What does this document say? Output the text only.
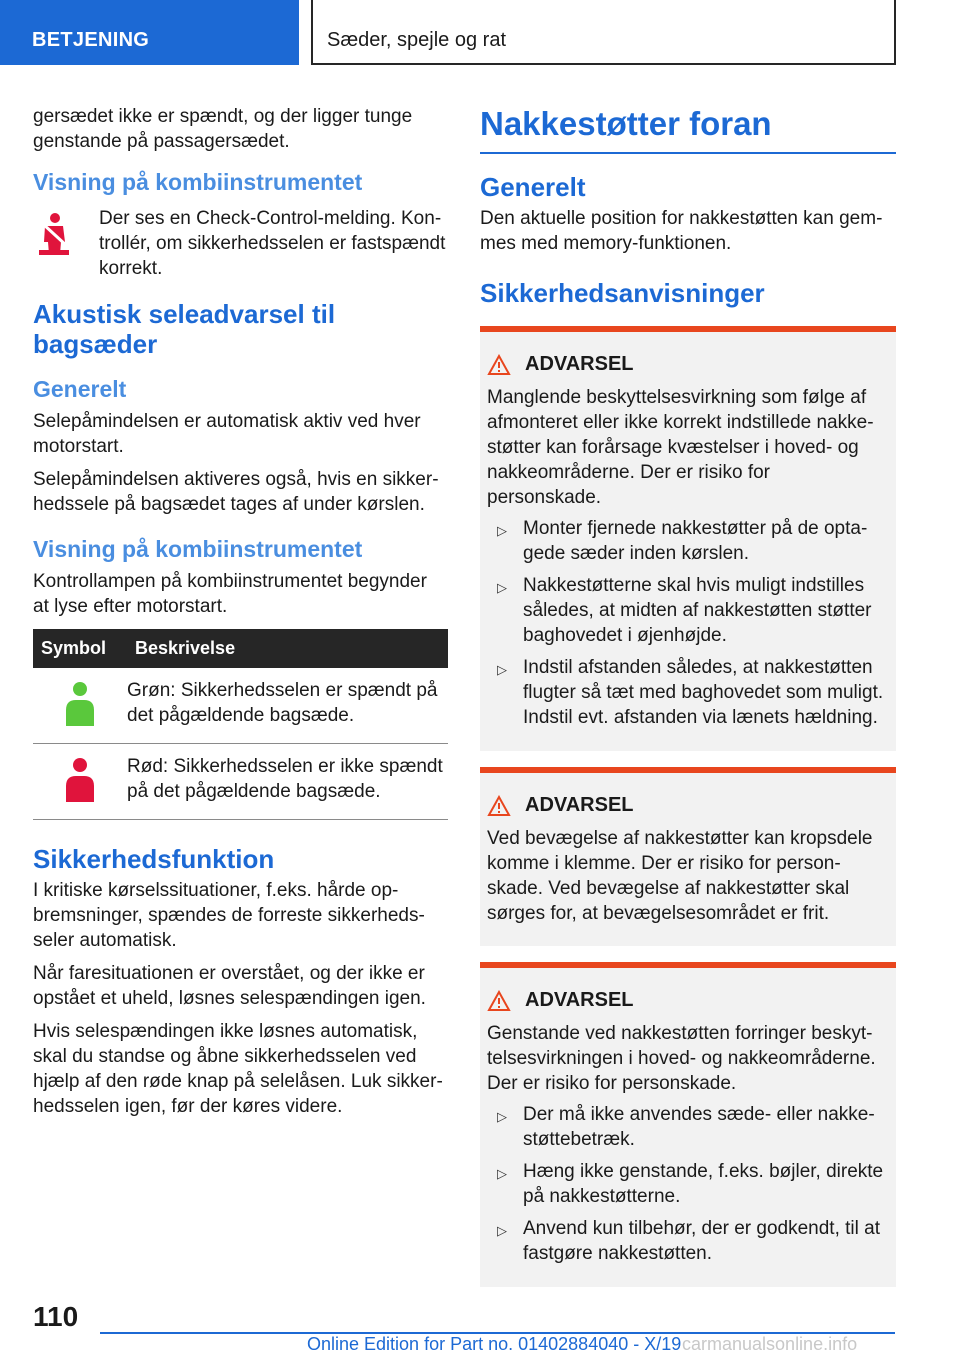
BETJENING	Sæder, spejle og rat

gersædet ikke er spændt, og der ligger tunge genstande på passagersædet.

Visning på kombiinstrumentet
Der ses en Check-Control-melding. Kontrollér, om sikkerhedsselen er fastspændt korrekt.
Akustisk seleadvarsel til bagsæder
Generelt

Selepåmindelsen er automatisk aktiv ved hver motorstart.

Selepåmindelsen aktiveres også, hvis en sikkerhedssele på bagsædet tages af under kørslen.

Visning på kombiinstrumentet

Kontrollampen på kombiinstrumentet begynder at lyse efter motorstart.

Symbol	Beskrivelse
	Grøn: Sikkerhedsselen er spændt på det pågældende bagsæde.
	Rød: Sikkerhedsselen er ikke spændt på det pågældende bagsæde.
Sikkerhedsfunktion

I kritiske kørselssituationer, f.eks. hårde opbremsninger, spændes de forreste sikkerhedsseler automatisk.

Når faresituationen er overstået, og der ikke er opstået et uheld, løsnes selespændingen igen.

Hvis selespændingen ikke løsnes automatisk, skal du standse og åbne sikkerhedsselen ved hjælp af den røde knap på selelåsen. Luk sikkerhedsselen igen, før der køres videre.

Nakkestøtter foran
Generelt

Den aktuelle position for nakkestøtten kan gemmes med memory-funktionen.

Sikkerhedsanvisninger
ADVARSEL

Manglende beskyttelsesvirkning som følge af afmonteret eller ikke korrekt indstillede nakkestøtter kan forårsage kvæstelser i hoved- og nakkeområderne. Der er risiko for personskade.

▷ Monter fjernede nakkestøtter på de optagede sæder inden kørslen.
▷ Nakkestøtterne skal hvis muligt indstilles således, at midten af nakkestøtten støtter baghovedet i øjenhøjde.
▷ Indstil afstanden således, at nakkestøtten flugter så tæt med baghovedet som muligt. Indstil evt. afstanden via lænets hældning.
ADVARSEL

Ved bevægelse af nakkestøtter kan kropsdele komme i klemme. Der er risiko for personskade. Ved bevægelse af nakkestøtter skal sørges for, at bevægelsesområdet er frit.

ADVARSEL

Genstande ved nakkestøtten forringer beskyttelsesvirkningen i hoved- og nakkeområderne. Der er risiko for personskade.

▷ Der må ikke anvendes sæde- eller nakkestøttebetræk.
▷ Hæng ikke genstande, f.eks. bøjler, direkte på nakkestøtterne.
▷ Anvend kun tilbehør, der er godkendt, til at fastgøre nakkestøtten.
110
Online Edition for Part no. 01402884040 - X/19 carmanualsonline.info
